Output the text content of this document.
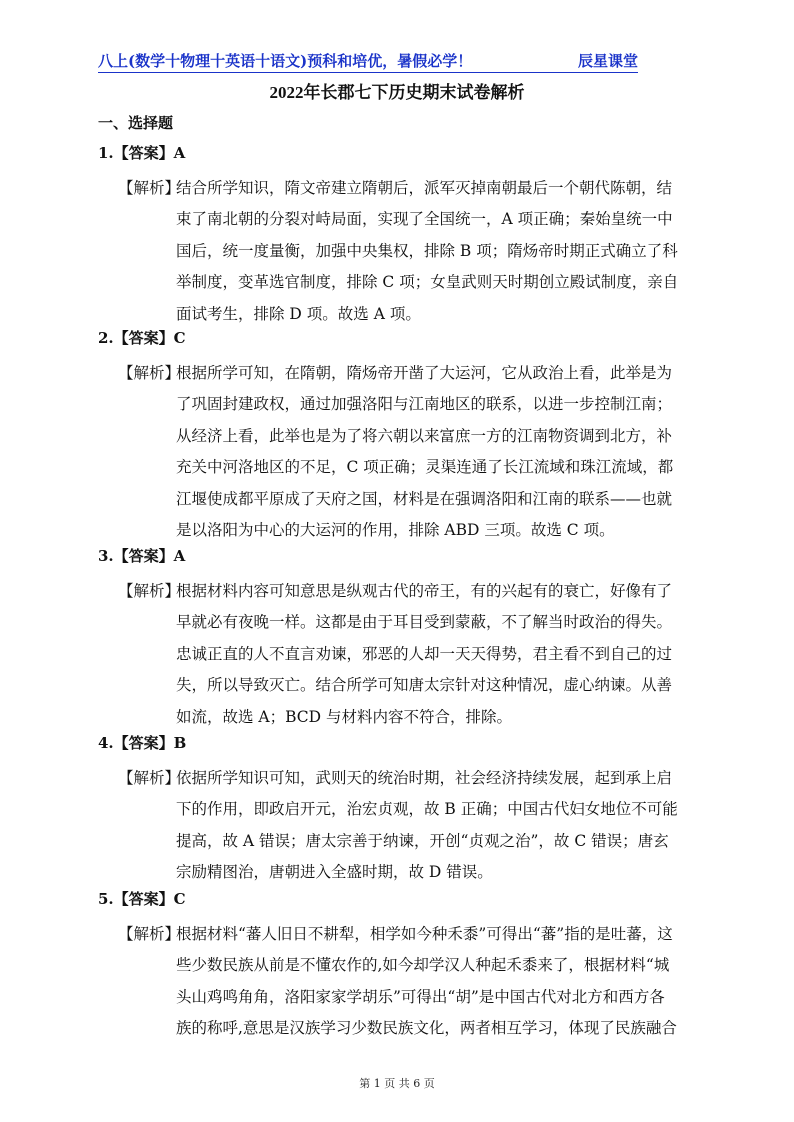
八上(数学十物理十英语十语文)预科和培优，暑假必学！	辰星课堂
2022年长郡七下历史期末试卷解析
一、选择题
1.【答案】A
【解析】
结合所学知识，隋文帝建立隋朝后，派军灭掉南朝最后一个朝代陈朝，结
束了南北朝的分裂对峙局面，实现了全国统一，A 项正确；秦始皇统一中
国后，统一度量衡，加强中央集权，排除 B 项；隋炀帝时期正式确立了科
举制度，变革选官制度，排除 C 项；女皇武则天时期创立殿试制度，亲自
面试考生，排除 D 项。故选 A 项。
2.【答案】C
【解析】
根据所学可知，在隋朝，隋炀帝开凿了大运河，它从政治上看，此举是为
了巩固封建政权，通过加强洛阳与江南地区的联系，以进一步控制江南；
从经济上看，此举也是为了将六朝以来富庶一方的江南物资调到北方，补
充关中河洛地区的不足，C 项正确；灵渠连通了长江流域和珠江流域，都
江堰使成都平原成了天府之国，材料是在强调洛阳和江南的联系——也就
是以洛阳为中心的大运河的作用，排除 ABD 三项。故选 C 项。
3.【答案】A
【解析】
根据材料内容可知意思是纵观古代的帝王，有的兴起有的衰亡，好像有了
早就必有夜晚一样。这都是由于耳目受到蒙蔽，不了解当时政治的得失。
忠诚正直的人不直言劝谏，邪恶的人却一天天得势，君主看不到自己的过
失，所以导致灭亡。结合所学可知唐太宗针对这种情况，虚心纳谏。从善
如流，故选 A；BCD 与材料内容不符合，排除。
4.【答案】B
【解析】
依据所学知识可知，武则天的统治时期，社会经济持续发展，起到承上启
下的作用，即政启开元，治宏贞观，故 B 正确；中国古代妇女地位不可能
提高，故 A 错误；唐太宗善于纳谏，开创“贞观之治”，故 C 错误；唐玄
宗励精图治，唐朝进入全盛时期，故 D 错误。
5.【答案】C
【解析】
根据材料“蕃人旧日不耕犁，相学如今种禾黍”可得出“蕃”指的是吐蕃，这
些少数民族从前是不懂农作的,如今却学汉人种起禾黍来了，根据材料“城
头山鸡鸣角角，洛阳家家学胡乐”可得出“胡”是中国古代对北方和西方各
族的称呼,意思是汉族学习少数民族文化，两者相互学习，体现了民族融合
第 1 页 共 6 页
